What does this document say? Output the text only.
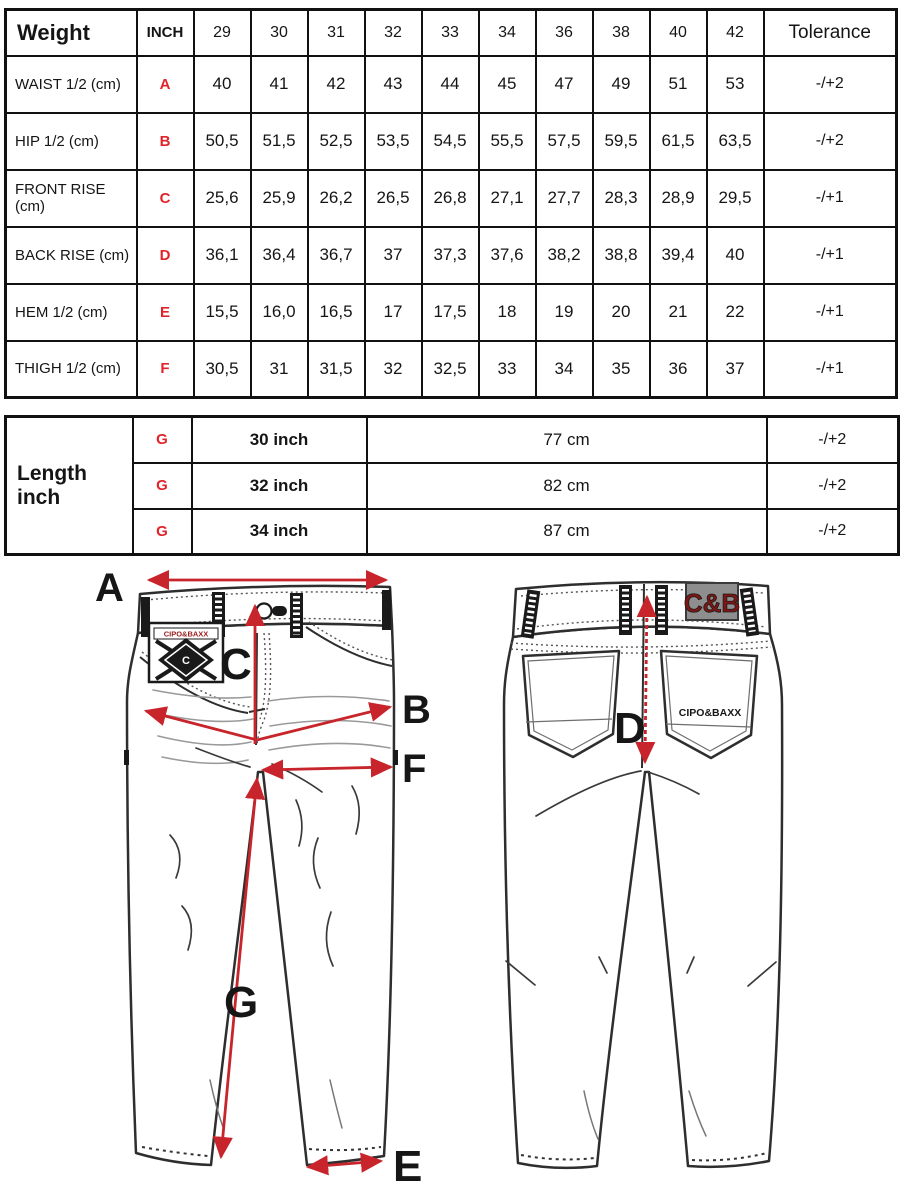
Weight	INCH	29	30	31	32	33	34	36	38	40	42	Tolerance
WAIST 1/2 (cm)	A	40	41	42	43	44	45	47	49	51	53	-/+2
HIP 1/2 (cm)	B	50,5	51,5	52,5	53,5	54,5	55,5	57,5	59,5	61,5	63,5	-/+2
FRONT RISE (cm)	C	25,6	25,9	26,2	26,5	26,8	27,1	27,7	28,3	28,9	29,5	-/+1
BACK RISE (cm)	D	36,1	36,4	36,7	37	37,3	37,6	38,2	38,8	39,4	40	-/+1
HEM 1/2 (cm)	E	15,5	16,0	16,5	17	17,5	18	19	20	21	22	-/+1
THIGH 1/2 (cm)	F	30,5	31	31,5	32	32,5	33	34	35	36	37	-/+1
Length inch	G	30 inch	77 cm	-/+2
	G	32 inch	82 cm	-/+2
	G	34 inch	87 cm	-/+2
CIPO&BAXX
C
C&B
CIPO&BAXX
A
C
B
F
G
E
D
